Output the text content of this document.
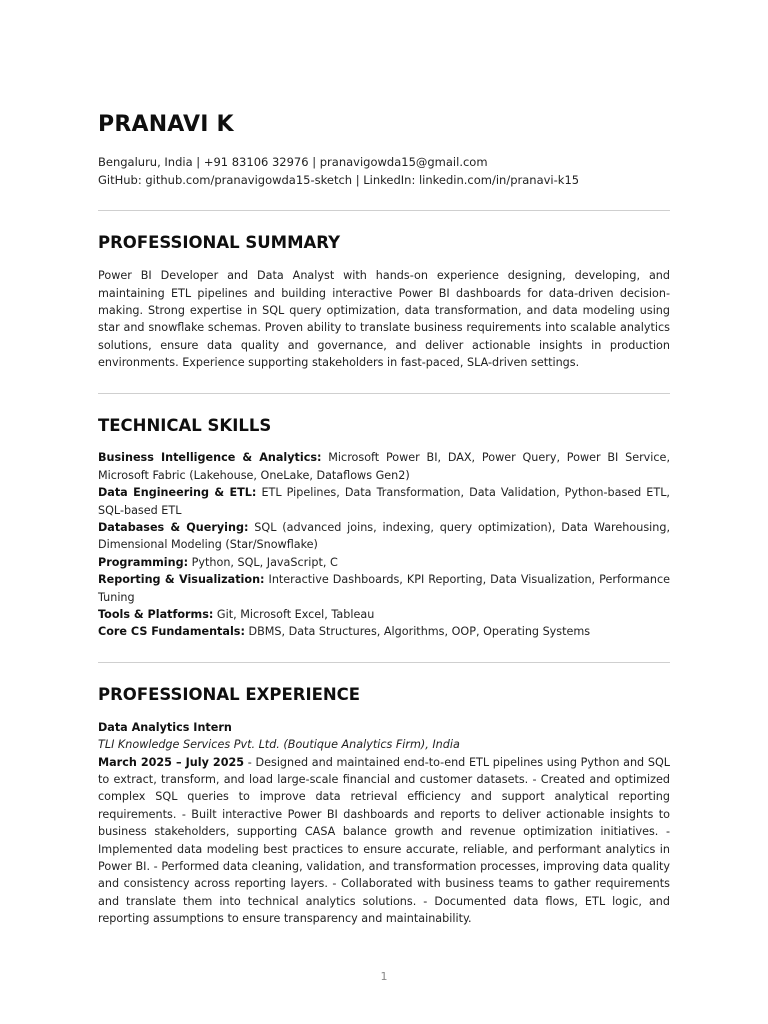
PRANAVI K
Bengaluru, India | +91 83106 32976 | pranavigowda15@gmail.com
GitHub: github.com/pranavigowda15-sketch | LinkedIn: linkedin.com/in/pranavi-k15
PROFESSIONAL SUMMARY

Power BI Developer and Data Analyst with hands-on experience designing, developing, and maintaining ETL pipelines and building interactive Power BI dashboards for data-driven decision-making. Strong expertise in SQL query optimization, data transformation, and data modeling using star and snowflake schemas. Proven ability to translate business requirements into scalable analytics solutions, ensure data quality and governance, and deliver actionable insights in production environments. Experience supporting stakeholders in fast-paced, SLA-driven settings.

TECHNICAL SKILLS
Business Intelligence & Analytics: Microsoft Power BI, DAX, Power Query, Power BI Service, Microsoft Fabric (Lakehouse, OneLake, Dataflows Gen2)
Data Engineering & ETL: ETL Pipelines, Data Transformation, Data Validation, Python-based ETL, SQL-based ETL
Databases & Querying: SQL (advanced joins, indexing, query optimization), Data Warehousing, Dimensional Modeling (Star/Snowflake)
Programming: Python, SQL, JavaScript, C
Reporting & Visualization: Interactive Dashboards, KPI Reporting, Data Visualization, Performance Tuning
Tools & Platforms: Git, Microsoft Excel, Tableau
Core CS Fundamentals: DBMS, Data Structures, Algorithms, OOP, Operating Systems
PROFESSIONAL EXPERIENCE
Data Analytics Intern
TLI Knowledge Services Pvt. Ltd. (Boutique Analytics Firm), India

March 2025 – July 2025 - Designed and maintained end-to-end ETL pipelines using Python and SQL to extract, transform, and load large-scale financial and customer datasets. - Created and optimized complex SQL queries to improve data retrieval efficiency and support analytical reporting requirements. - Built interactive Power BI dashboards and reports to deliver actionable insights to business stakeholders, supporting CASA balance growth and revenue optimization initiatives. - Implemented data modeling best practices to ensure accurate, reliable, and performant analytics in Power BI. - Performed data cleaning, validation, and transformation processes, improving data quality and consistency across reporting layers. - Collaborated with business teams to gather requirements and translate them into technical analytics solutions. - Documented data flows, ETL logic, and reporting assumptions to ensure transparency and maintainability.

1
